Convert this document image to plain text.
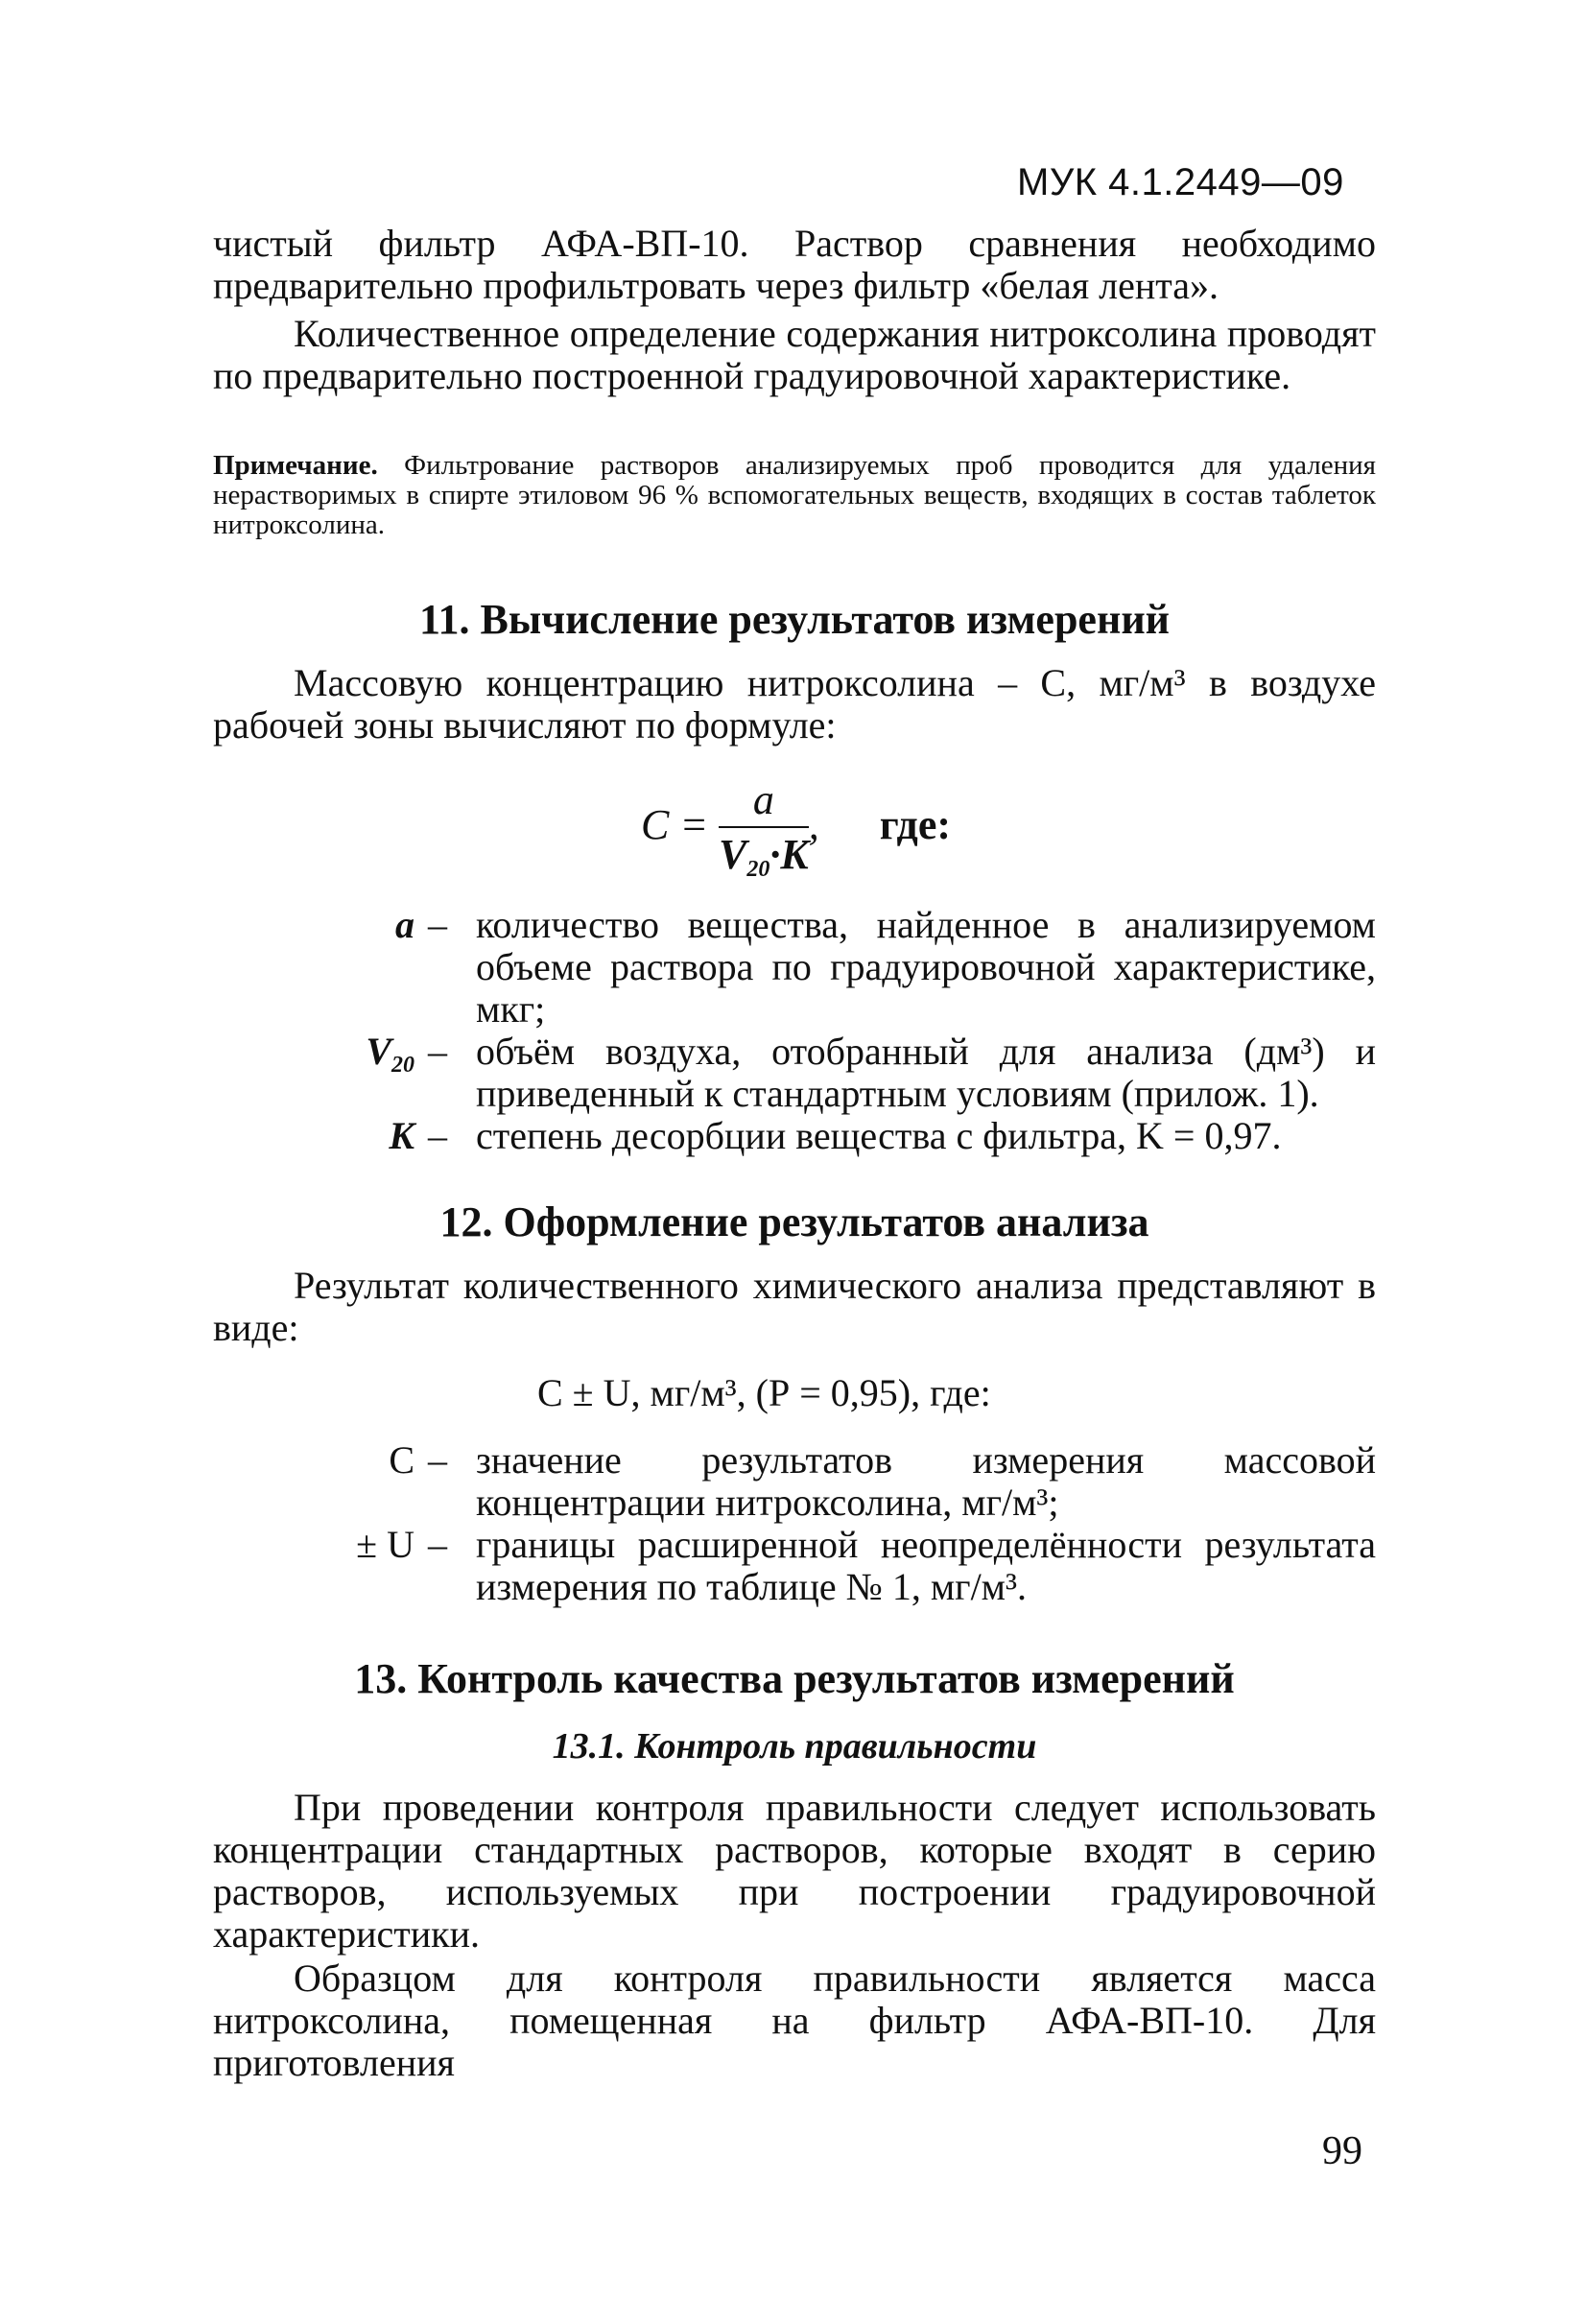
МУК 4.1.2449—09

чистый фильтр АФА-ВП-10. Раствор сравнения необходимо предварительно профильтровать через фильтр «белая лента».

Количественное определение содержания нитроксолина проводят по предварительно построенной градуировочной характеристике.

Примечание. Фильтрование растворов анализируемых проб проводится для удаления нерастворимых в спирте этиловом 96 % вспомогательных веществ, входящих в состав таблеток нитроксолина.

11. Вычисление результатов измерений

Массовую концентрацию нитроксолина – С, мг/м³ в воздухе рабочей зоны вычисляют по формуле:

$C = \frac{a}{V_{20}\cdot K}$ , где:
a – количество вещества, найденное в анализируемом объеме раствора по градуировочной характеристике, мкг;
$V_{20}$ – объём воздуха, отобранный для анализа (дм³) и приведенный к стандартным условиям (прилож. 1).
K – степень десорбции вещества с фильтра, K = 0,97.
12. Оформление результатов анализа

Результат количественного химического анализа представляют в виде:

С ± U, мг/м³, (Р = 0,95), где:
С – значение результатов измерения массовой концентрации нитроксолина, мг/м³;
± U – границы расширенной неопределённости результата измерения по таблице № 1, мг/м³.
13. Контроль качества результатов измерений
13.1. Контроль правильности

При проведении контроля правильности следует использовать концентрации стандартных растворов, которые входят в серию растворов, используемых при построении градуировочной характеристики.

Образцом для контроля правильности является масса нитроксолина, помещенная на фильтр АФА-ВП-10. Для приготовления

99
